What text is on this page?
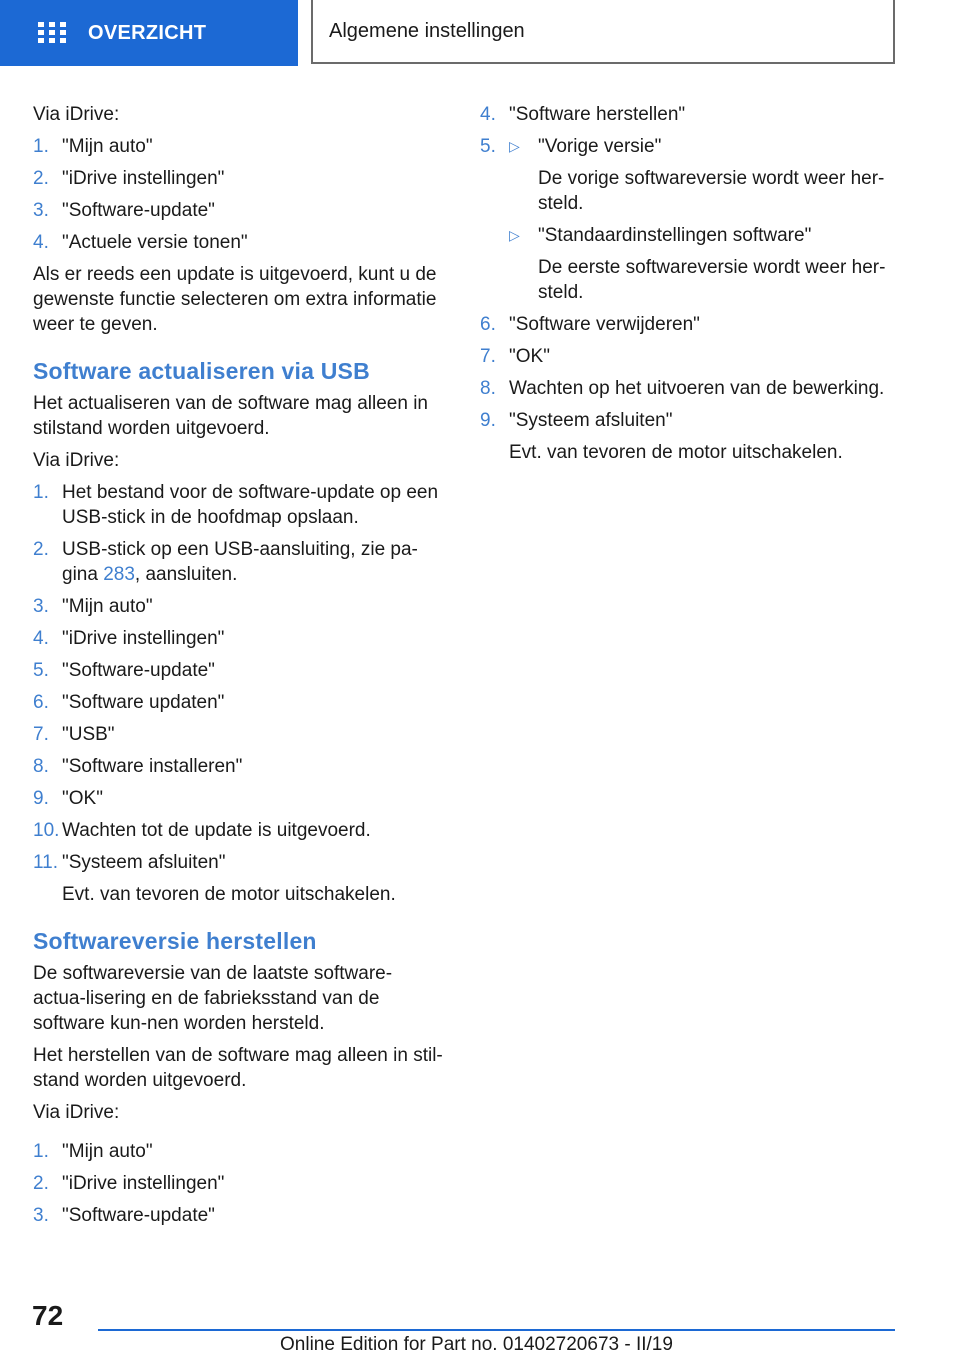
OVERZICHT	Algemene instellingen

Via iDrive:

1. "Mijn auto"
2. "iDrive instellingen"
3. "Software-update"
4. "Actuele versie tonen"

Als er reeds een update is uitgevoerd, kunt u de gewenste functie selecteren om extra informatie weer te geven.

Software actualiseren via USB

Het actualiseren van de software mag alleen in stilstand worden uitgevoerd.

Via iDrive:

1. Het bestand voor de software-update op een USB-stick in de hoofdmap opslaan.
2. USB-stick op een USB-aansluiting, zie pa‐gina 283, aansluiten.
3. "Mijn auto"
4. "iDrive instellingen"
5. "Software-update"
6. "Software updaten"
7. "USB"
8. "Software installeren"
9. "OK"
10. Wachten tot de update is uitgevoerd.
11. "Systeem afsluiten"
Evt. van tevoren de motor uitschakelen.
Softwareversie herstellen

De softwareversie van de laatste software-actua‐lisering en de fabrieksstand van de software kun‐nen worden hersteld.

Het herstellen van de software mag alleen in stil‐stand worden uitgevoerd.

Via iDrive:

1. "Mijn auto"
2. "iDrive instellingen"
3. "Software-update"
4. "Software herstellen"
5. ▷ "Vorige versie"
De vorige softwareversie wordt weer her‐steld.
▷ "Standaardinstellingen software"
De eerste softwareversie wordt weer her‐steld.
6. "Software verwijderen"
7. "OK"
8. Wachten op het uitvoeren van de bewerking.
9. "Systeem afsluiten"
Evt. van tevoren de motor uitschakelen.
72
Online Edition for Part no. 01402720673 - II/19
